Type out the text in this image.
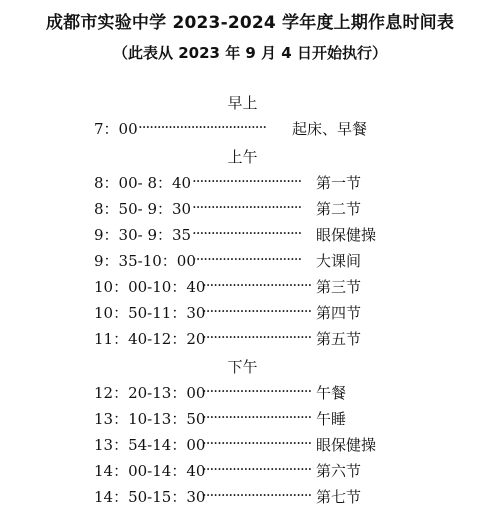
成都市实验中学 2023-2024 学年度上期作息时间表
（此表从 2023 年 9 月 4 日开始执行）
早上
7：00 ·································· 起床、早餐
上午
8：00- 8：40 ····························· 第一节
8：50- 9：30 ····························· 第二节
9：30- 9：35 ····························· 眼保健操
9：35-10：00
····························· 大课间
10：00-10：40
····························· 第三节
10：50-11：30
····························· 第四节
11：40-12：20
····························· 第五节
下午
12：20-13：00
····························· 午餐
13：10-13：50
····························· 午睡
13：54-14：00
····························· 眼保健操
14：00-14：40
····························· 第六节
14：50-15：30
····························· 第七节
